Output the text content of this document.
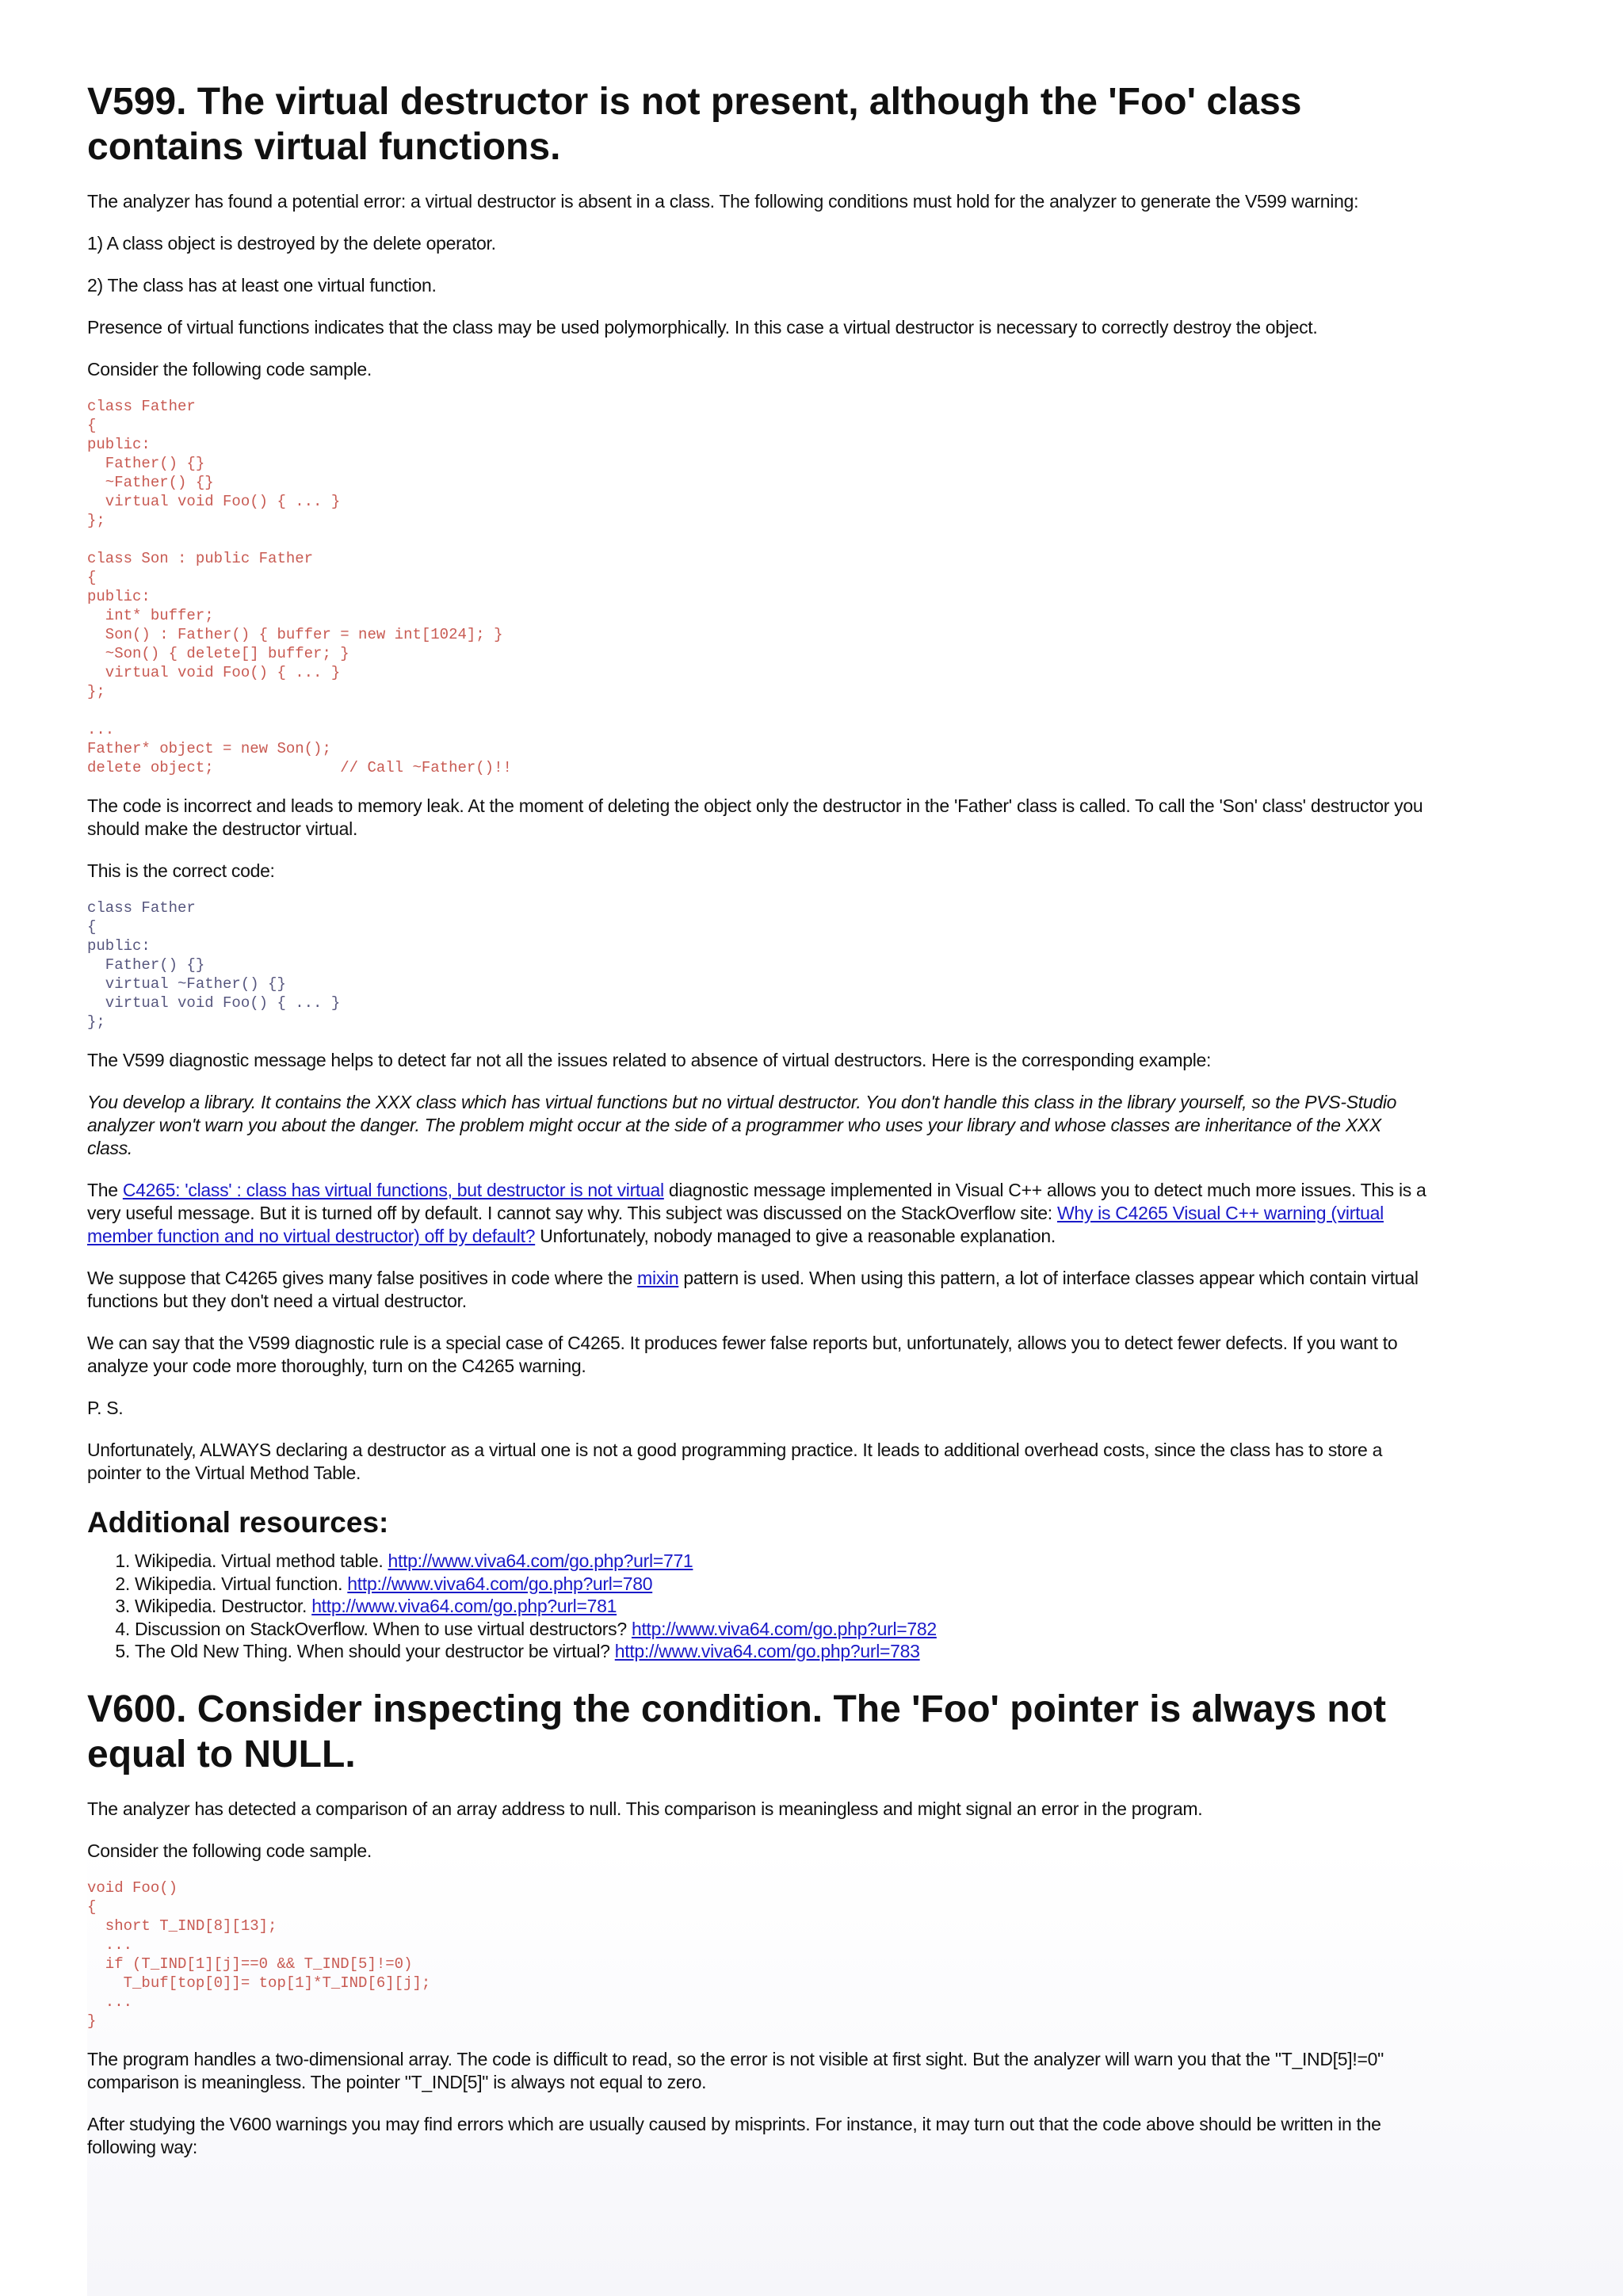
V599. The virtual destructor is not present, although the 'Foo' class contains virtual functions.

The analyzer has found a potential error: a virtual destructor is absent in a class. The following conditions must hold for the analyzer to generate the V599 warning:

1) A class object is destroyed by the delete operator.

2) The class has at least one virtual function.

Presence of virtual functions indicates that the class may be used polymorphically. In this case a virtual destructor is necessary to correctly destroy the object.

Consider the following code sample.

class Father
{
public:
Father() {}
~Father() {}
virtual void Foo() { ... }
};

class Son : public Father
{
public:
int* buffer;
Son() : Father() { buffer = new int[1024]; }
~Son() { delete[] buffer; }
virtual void Foo() { ... }
};

...
Father* object = new Son();
delete object;              // Call ~Father()!!

The code is incorrect and leads to memory leak. At the moment of deleting the object only the destructor in the 'Father' class is called. To call the 'Son' class' destructor you should make the destructor virtual.

This is the correct code:

class Father
{
public:
Father() {}
virtual ~Father() {}
virtual void Foo() { ... }
};

The V599 diagnostic message helps to detect far not all the issues related to absence of virtual destructors. Here is the corresponding example:

You develop a library. It contains the XXX class which has virtual functions but no virtual destructor. You don't handle this class in the library yourself, so the PVS-Studio analyzer won't warn you about the danger. The problem might occur at the side of a programmer who uses your library and whose classes are inheritance of the XXX class.

The C4265: 'class' : class has virtual functions, but destructor is not virtual diagnostic message implemented in Visual C++ allows you to detect much more issues. This is a very useful message. But it is turned off by default. I cannot say why. This subject was discussed on the StackOverflow site: Why is C4265 Visual C++ warning (virtual member function and no virtual destructor) off by default? Unfortunately, nobody managed to give a reasonable explanation.

We suppose that C4265 gives many false positives in code where the mixin pattern is used. When using this pattern, a lot of interface classes appear which contain virtual functions but they don't need a virtual destructor.

We can say that the V599 diagnostic rule is a special case of C4265. It produces fewer false reports but, unfortunately, allows you to detect fewer defects. If you want to analyze your code more thoroughly, turn on the C4265 warning.

P. S.

Unfortunately, ALWAYS declaring a destructor as a virtual one is not a good programming practice. It leads to additional overhead costs, since the class has to store a pointer to the Virtual Method Table.

Additional resources:
1. Wikipedia. Virtual method table. http://www.viva64.com/go.php?url=771
2. Wikipedia. Virtual function. http://www.viva64.com/go.php?url=780
3. Wikipedia. Destructor. http://www.viva64.com/go.php?url=781
4. Discussion on StackOverflow. When to use virtual destructors? http://www.viva64.com/go.php?url=782
5. The Old New Thing. When should your destructor be virtual? http://www.viva64.com/go.php?url=783
V600. Consider inspecting the condition. The 'Foo' pointer is always not equal to NULL.

The analyzer has detected a comparison of an array address to null. This comparison is meaningless and might signal an error in the program.

Consider the following code sample.

void Foo()
{
short T_IND[8][13];
...
if (T_IND[1][j]==0 && T_IND[5]!=0)
T_buf[top[0]]= top[1]*T_IND[6][j];
...
}

The program handles a two-dimensional array. The code is difficult to read, so the error is not visible at first sight. But the analyzer will warn you that the "T_IND[5]!=0" comparison is meaningless. The pointer "T_IND[5]" is always not equal to zero.

After studying the V600 warnings you may find errors which are usually caused by misprints. For instance, it may turn out that the code above should be written in the following way:
